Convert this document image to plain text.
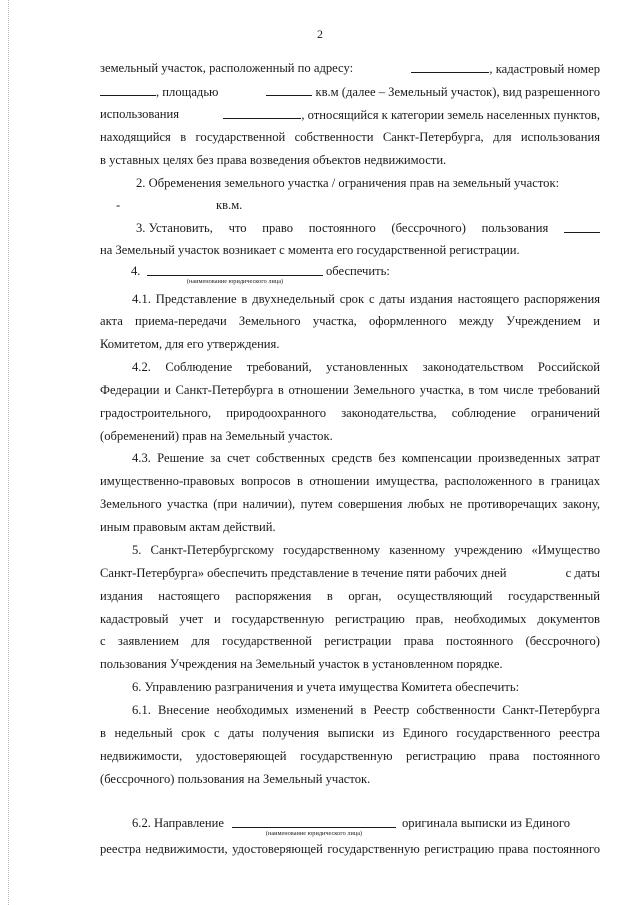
2
земельный участок, расположенный по адресу:	, кадастровый номер
, площадью	кв.м (далее – Земельный участок), вид разрешенного
использования	, относящийся к категории земель населенных пунктов,
находящийся в государственной собственности Санкт-Петербурга, для использования
в уставных целях без права возведения объектов недвижимости.
2. Обременения земельного участка / ограничения прав на земельный участок:
-	кв.м.
3. Установить, что право постоянного (бессрочного) пользования
на Земельный участок возникает с момента его государственной регистрации.
4.	обеспечить:
(наименование юридического лица)
4.1. Представление в двухнедельный срок с даты издания настоящего распоряжения
акта приема-передачи Земельного участка, оформленного между Учреждением и
Комитетом, для его утверждения.
4.2. Соблюдение требований, установленных законодательством Российской
Федерации и Санкт-Петербурга в отношении Земельного участка, в том числе требований
градостроительного, природоохранного законодательства, соблюдение ограничений
(обременений) прав на Земельный участок.
4.3. Решение за счет собственных средств без компенсации произведенных затрат
имущественно-правовых вопросов в отношении имущества, расположенного в границах
Земельного участка (при наличии), путем совершения любых не противоречащих закону,
иным правовым актам действий.
5. Санкт-Петербургскому государственному казенному учреждению «Имущество
Санкт-Петербурга» обеспечить представление в течение пяти рабочих дней	с даты
издания настоящего распоряжения в орган, осуществляющий государственный
кадастровый учет и государственную регистрацию прав, необходимых документов
с заявлением для государственной регистрации права постоянного (бессрочного)
пользования Учреждения на Земельный участок в установленном порядке.
6. Управлению разграничения и учета имущества Комитета обеспечить:
6.1. Внесение необходимых изменений в Реестр собственности Санкт-Петербурга
в недельный срок с даты получения выписки из Единого государственного реестра
недвижимости, удостоверяющей государственную регистрацию права постоянного
(бессрочного) пользования на Земельный участок.
6.2. Направление	оригинала выписки из Единого
(наименование юридического лица)
реестра недвижимости, удостоверяющей государственную регистрацию права постоянного
